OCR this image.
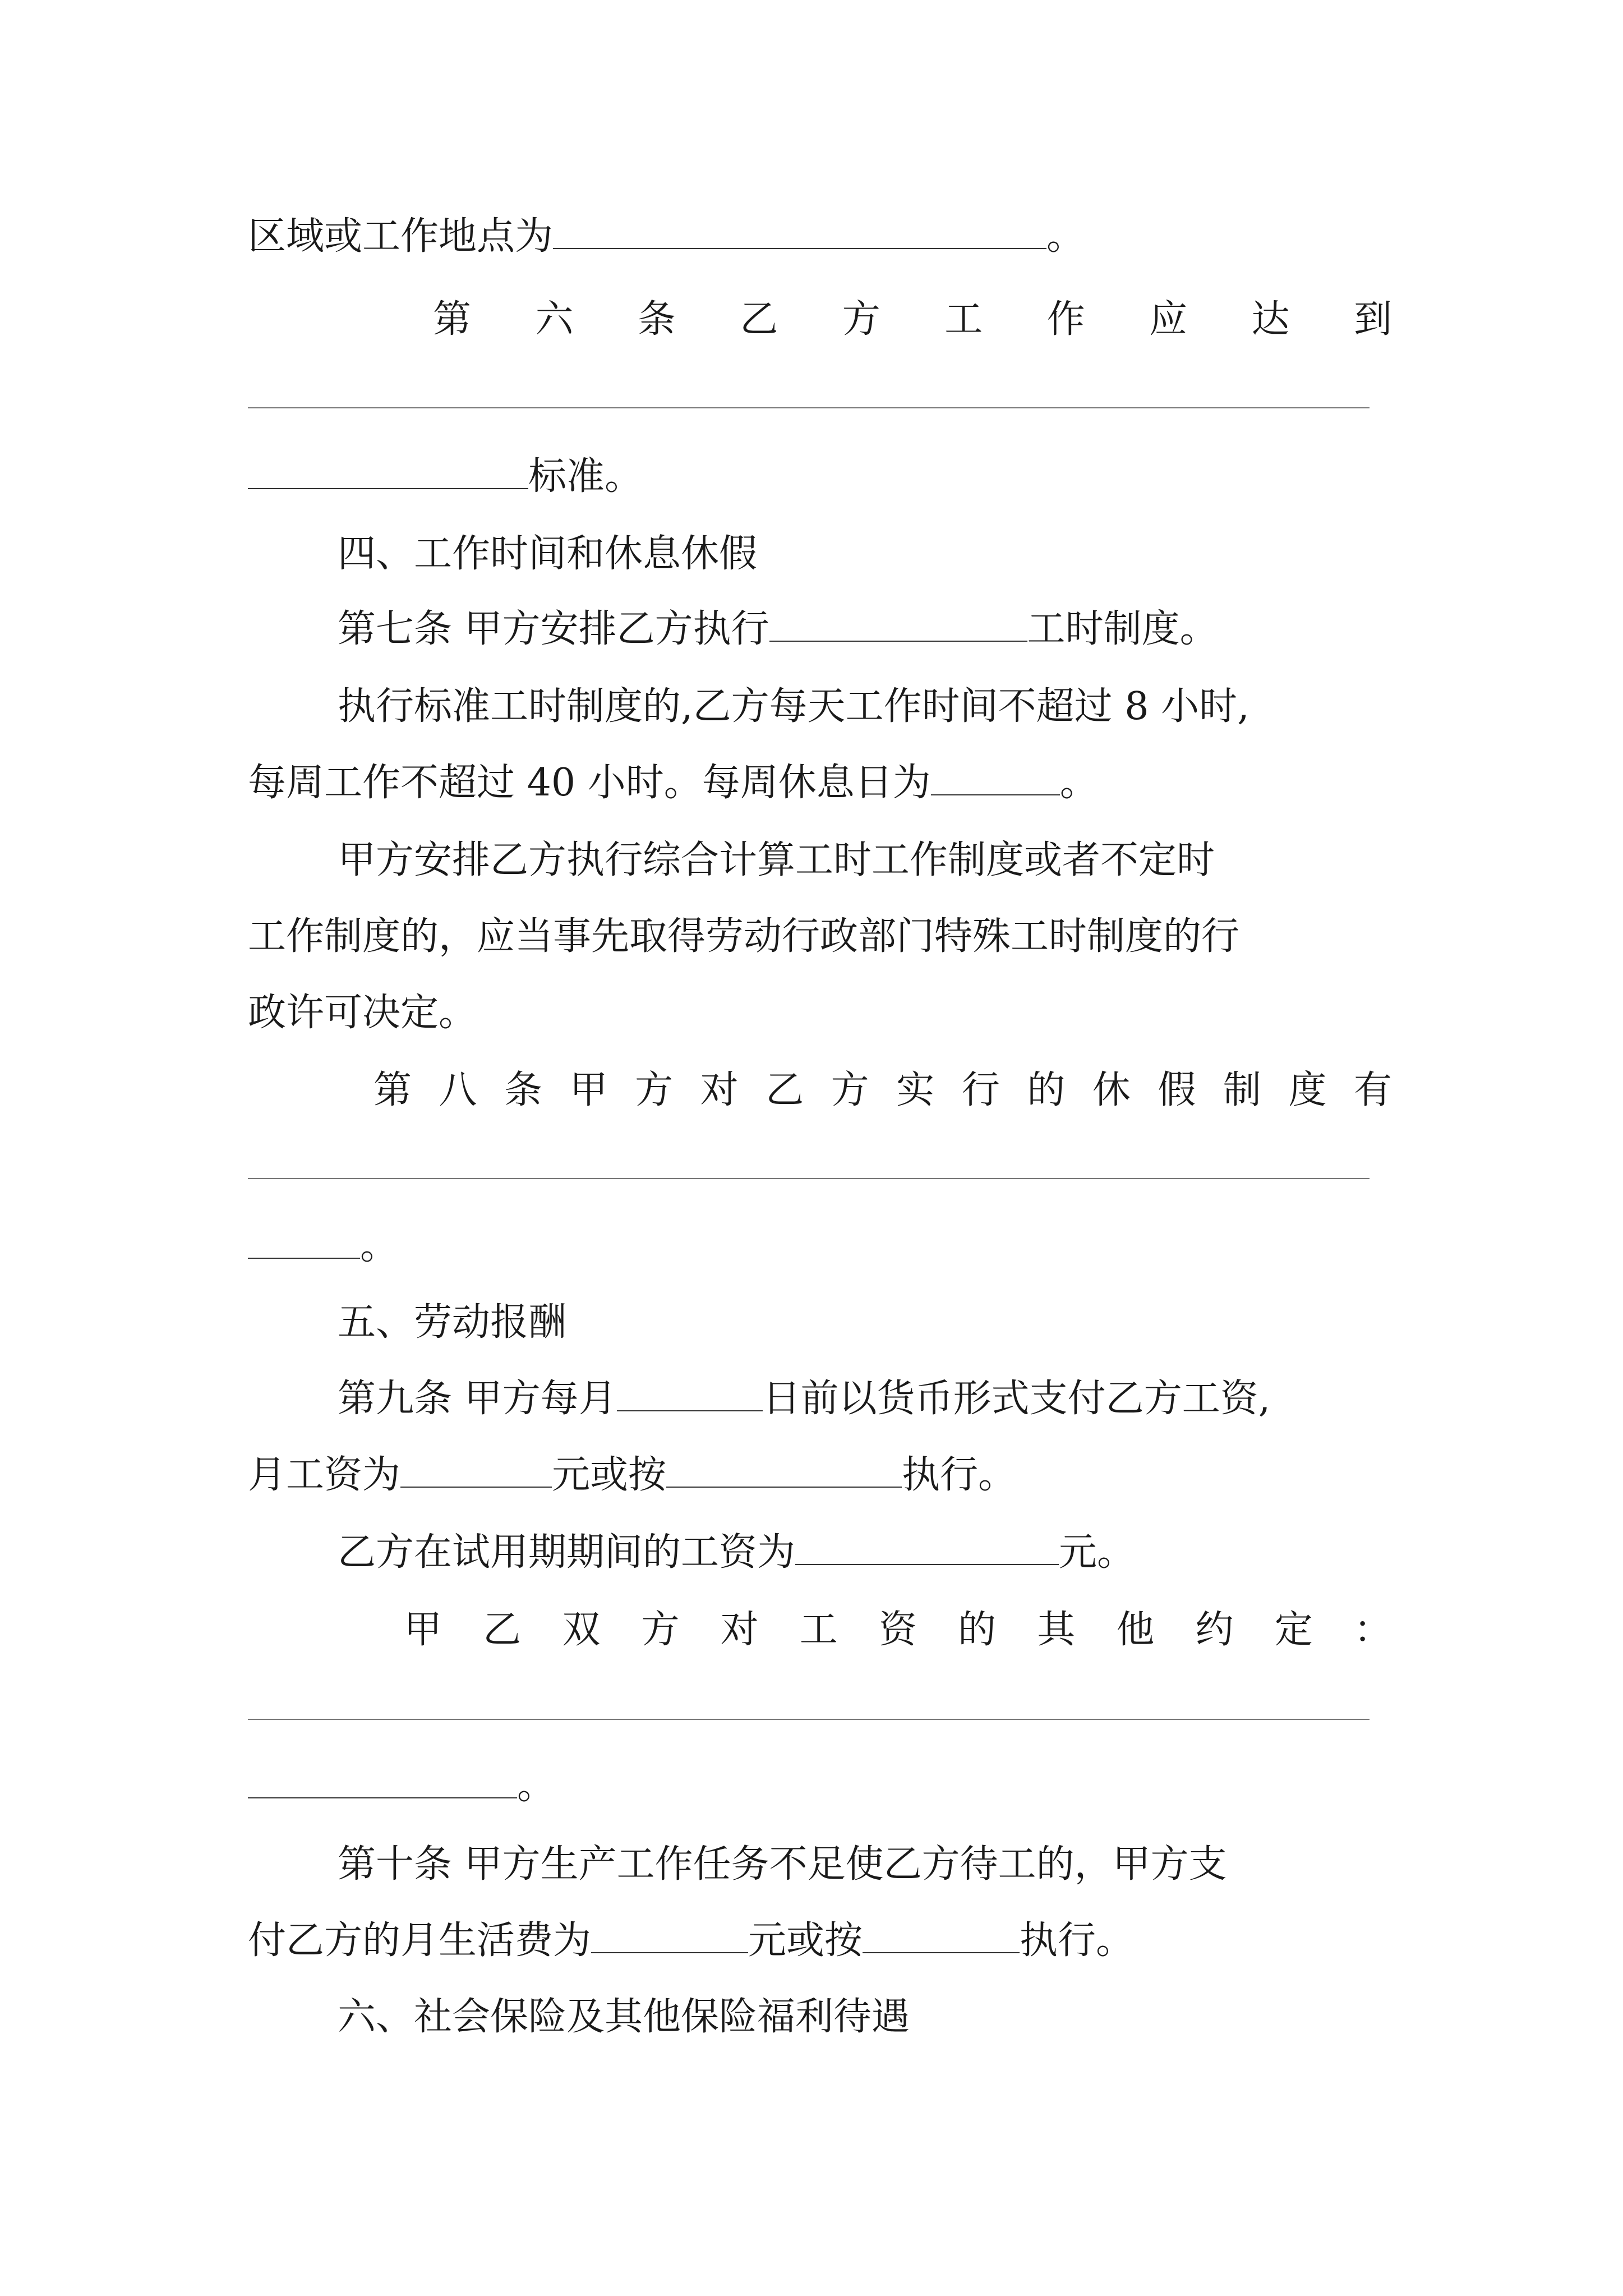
区域或工作地点为	。
第 六 条 乙 方 工 作 应 达 到
标准。
四、工作时间和休息休假
第七条 甲方安排乙方执行	工时制度。
执行标准工时制度的,乙方每天工作时间不超过 8 小时,
每周工作不超过 40 小时。每周休息日为	。
甲方安排乙方执行综合计算工时工作制度或者不定时
工作制度的，应当事先取得劳动行政部门特殊工时制度的行
政许可决定。
第 八 条 甲 方 对 乙 方 实 行 的 休 假 制 度 有
。
五、劳动报酬
第九条 甲方每月	日前以货币形式支付乙方工资,
月工资为	元或按	执行。
乙方在试用期期间的工资为	元。
甲 乙 双 方 对 工 资 的 其 他 约 定 ：
。
第十条 甲方生产工作任务不足使乙方待工的，甲方支
付乙方的月生活费为	元或按	执行。
六、社会保险及其他保险福利待遇
